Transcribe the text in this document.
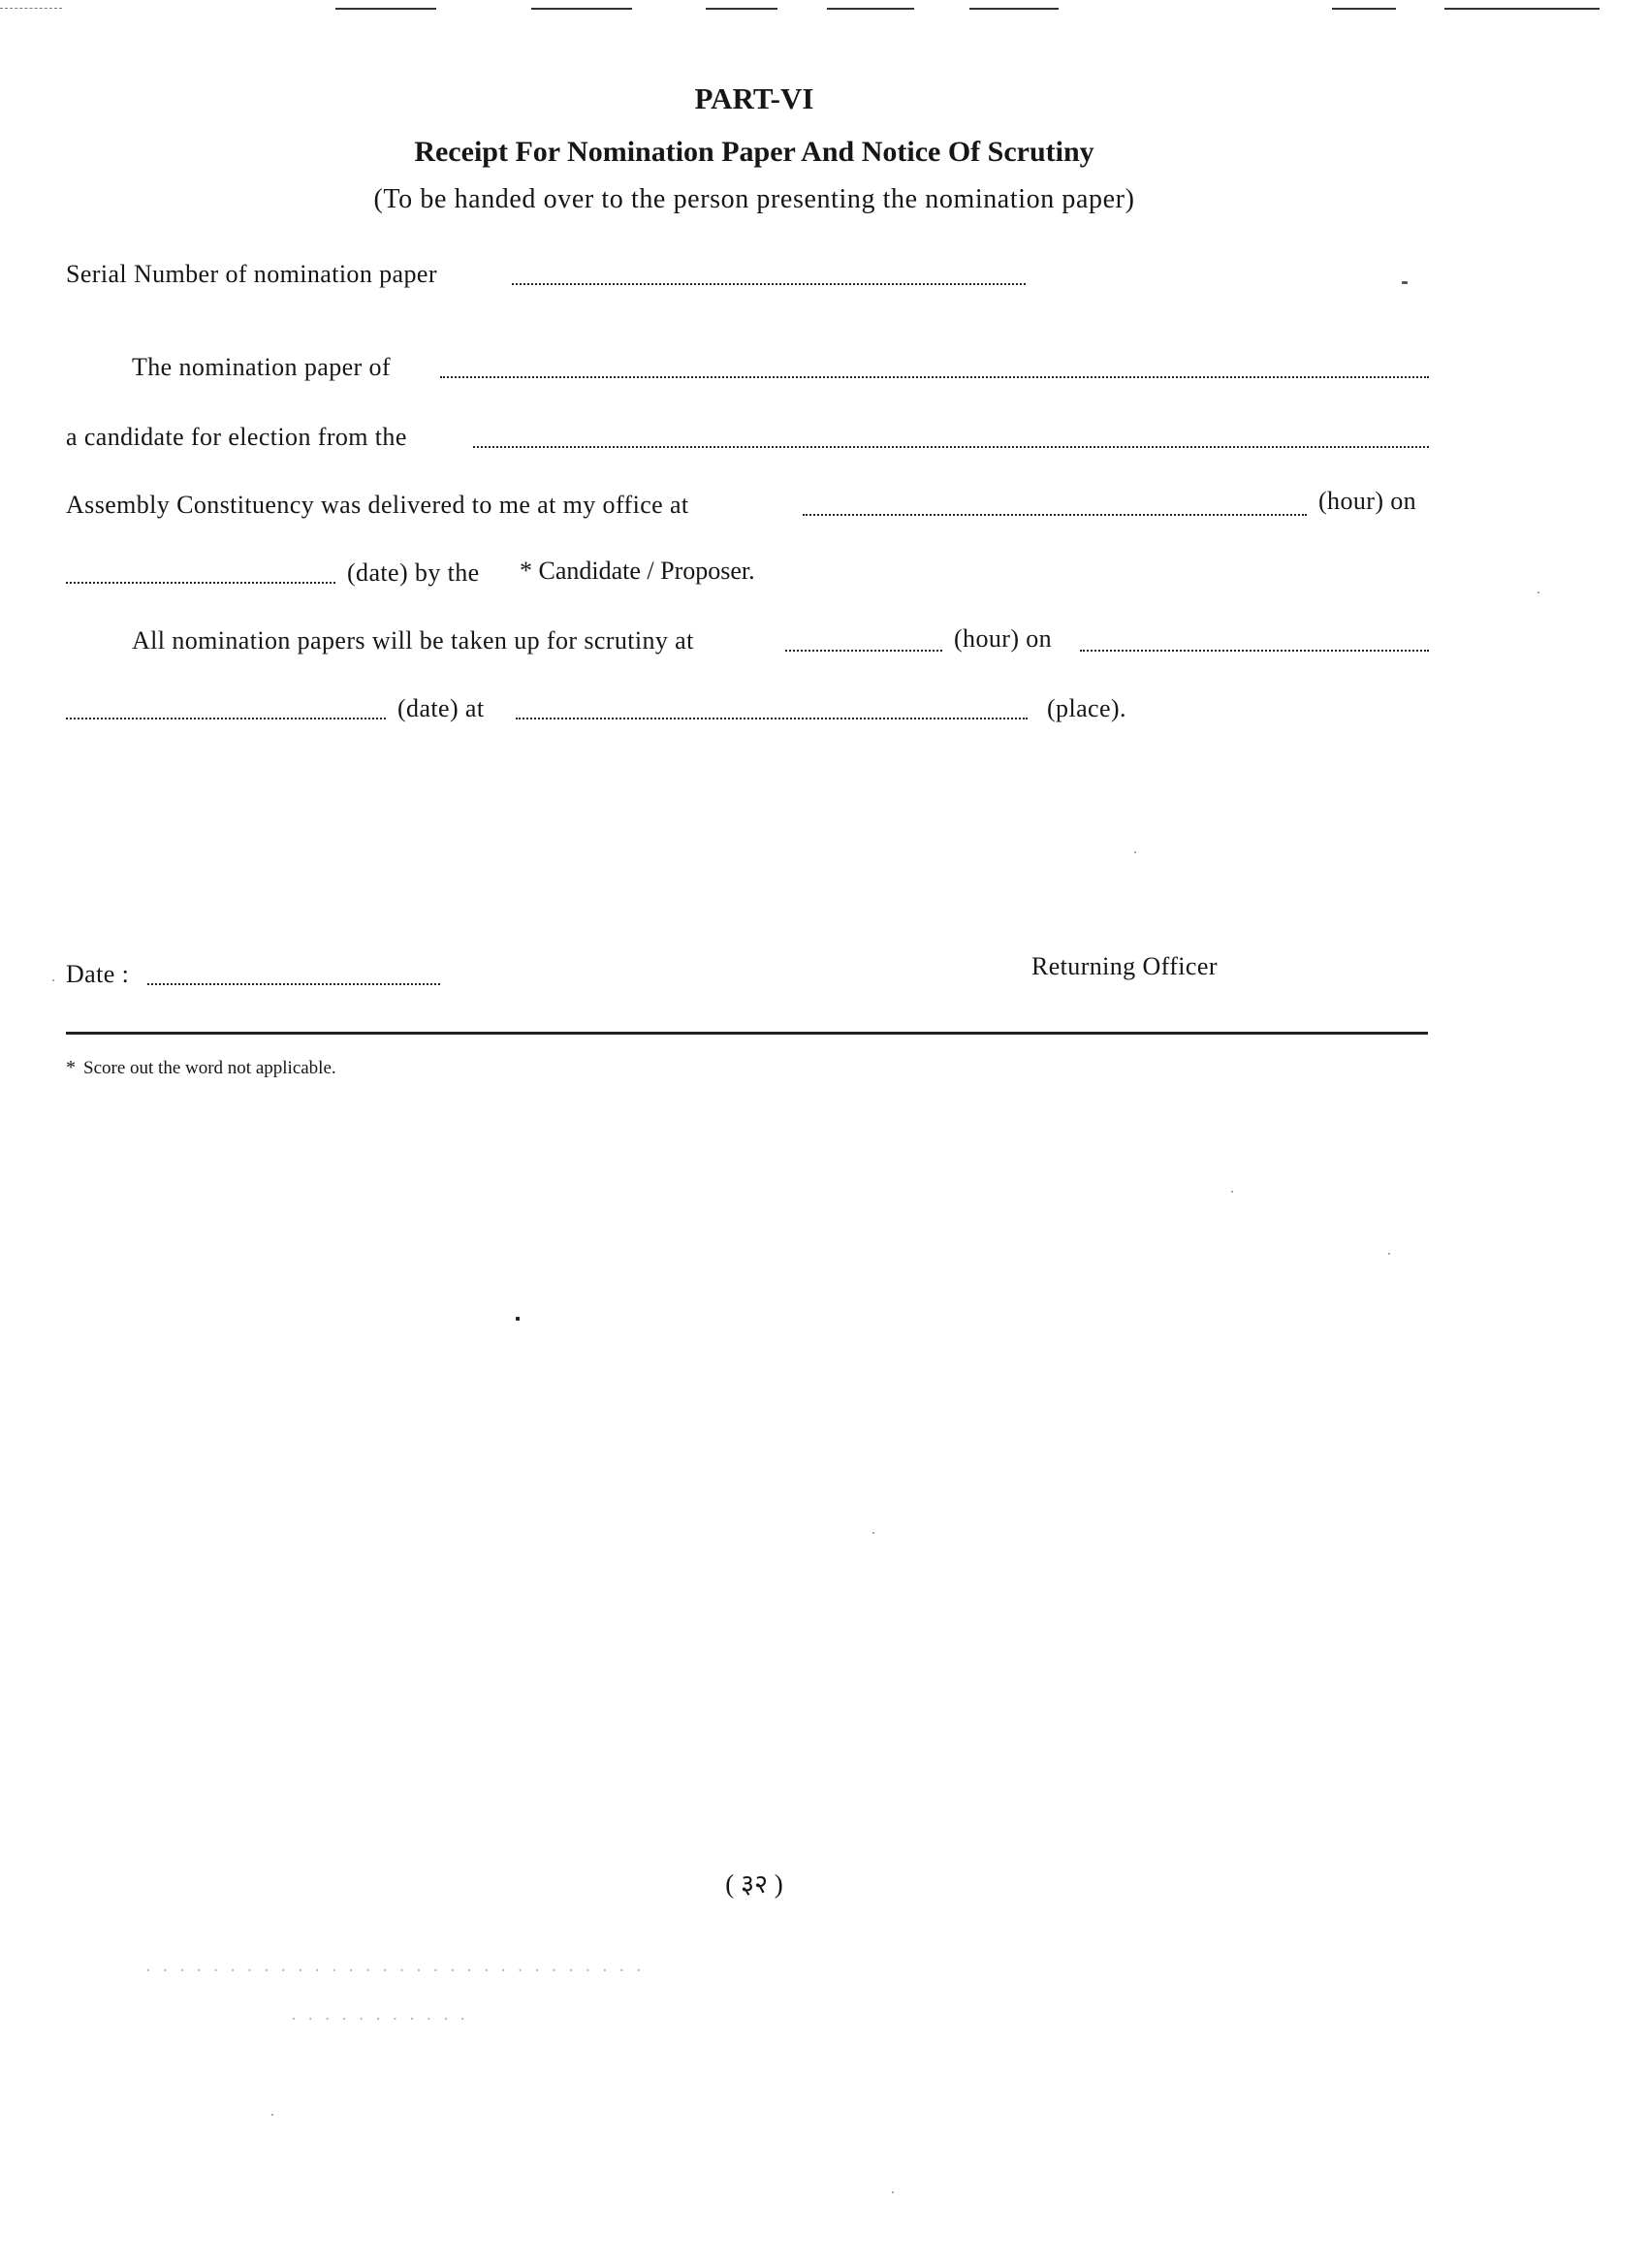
PART-VI
Receipt For Nomination Paper And Notice Of Scrutiny
(To be handed over to the person presenting the nomination paper)
Serial Number of nomination paper
The nomination paper of
a candidate for election from the
Assembly Constituency was delivered to me at my office at	(hour) on
(date) by the * Candidate / Proposer.
All nomination papers will be taken up for scrutiny at	(hour) on
(date) at	(place).
Date :	Returning Officer
* Score out the word not applicable.
· · · · · · · · · · · · · · · · · · · · · · · · · · · · · ·
· · · · · · · · · · ·
( ३२ )
